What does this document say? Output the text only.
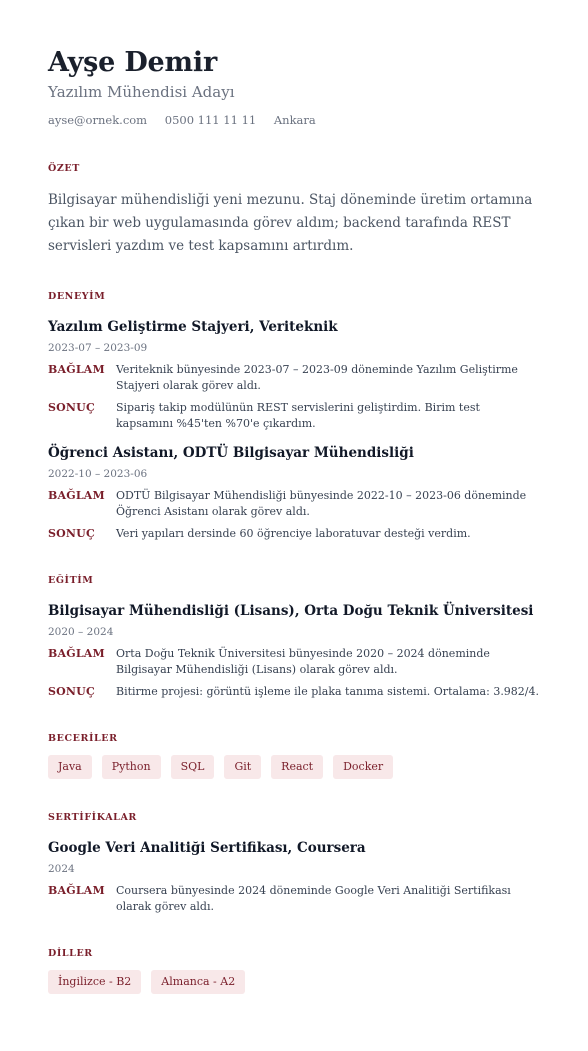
Ayşe Demir
Yazılım Mühendisi Adayı
ayse@ornek.com 0500 111 11 11 Ankara
ÖZET
Bilgisayar mühendisliği yeni mezunu. Staj döneminde üretim ortamına çıkan bir web uygulamasında görev aldım; backend tarafında REST servisleri yazdım ve test kapsamını artırdım.
DENEYİM
Yazılım Geliştirme Stajyeri, Veriteknik
2023-07 – 2023-09
BAĞLAM	Veriteknik bünyesinde 2023-07 – 2023-09 döneminde Yazılım Geliştirme Stajyeri olarak görev aldı.
SONUÇ	Sipariş takip modülünün REST servislerini geliştirdim. Birim test kapsamını %45'ten %70'e çıkardım.
Öğrenci Asistanı, ODTÜ Bilgisayar Mühendisliği
2022-10 – 2023-06
BAĞLAM	ODTÜ Bilgisayar Mühendisliği bünyesinde 2022-10 – 2023-06 döneminde Öğrenci Asistanı olarak görev aldı.
SONUÇ	Veri yapıları dersinde 60 öğrenciye laboratuvar desteği verdim.
EĞİTİM
Bilgisayar Mühendisliği (Lisans), Orta Doğu Teknik Üniversitesi
2020 – 2024
BAĞLAM	Orta Doğu Teknik Üniversitesi bünyesinde 2020 – 2024 döneminde Bilgisayar Mühendisliği (Lisans) olarak görev aldı.
SONUÇ	Bitirme projesi: görüntü işleme ile plaka tanıma sistemi. Ortalama: 3.982/4.
BECERİLER
Java	Python	SQL	Git	React	Docker
SERTİFİKALAR
Google Veri Analitiği Sertifikası, Coursera
2024
BAĞLAM	Coursera bünyesinde 2024 döneminde Google Veri Analitiği Sertifikası olarak görev aldı.
DİLLER
İngilizce - B2	Almanca - A2
